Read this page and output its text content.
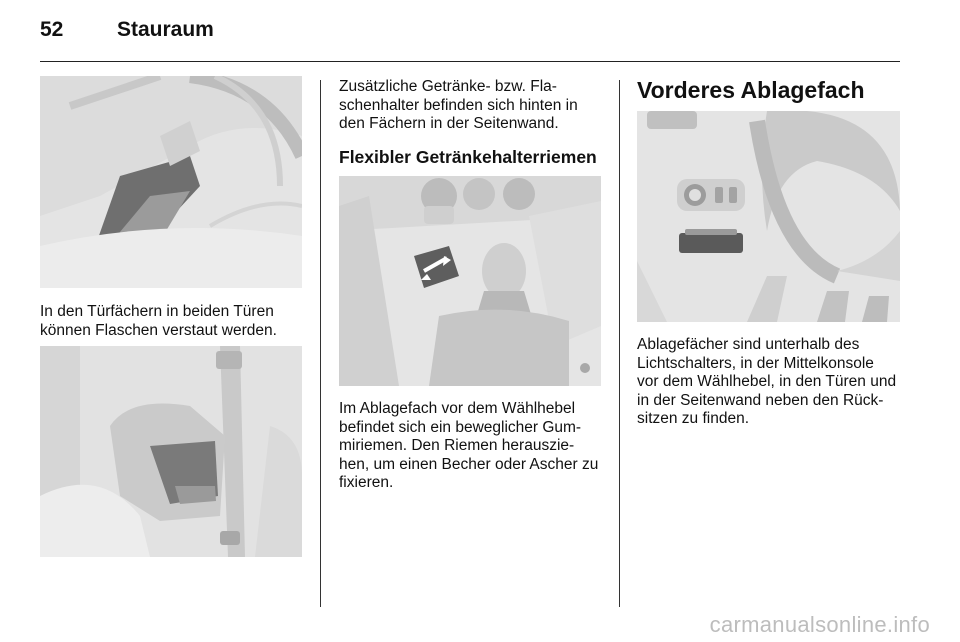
52	Stauraum
In den Türfächern in beiden Türen
können Flaschen verstaut werden.
Zusätzliche Getränke- bzw. Fla-
schenhalter befinden sich hinten in
den Fächern in der Seitenwand.
Flexibler Getränkehalterriemen
Im Ablagefach vor dem Wählhebel
befindet sich ein beweglicher Gum-
miriemen. Den Riemen herauszie-
hen, um einen Becher oder Ascher zu
fixieren.
Vorderes Ablagefach
Ablagefächer sind unterhalb des
Lichtschalters, in der Mittelkonsole
vor dem Wählhebel, in den Türen und
in der Seitenwand neben den Rück-
sitzen zu finden.
carmanualsonline.info
